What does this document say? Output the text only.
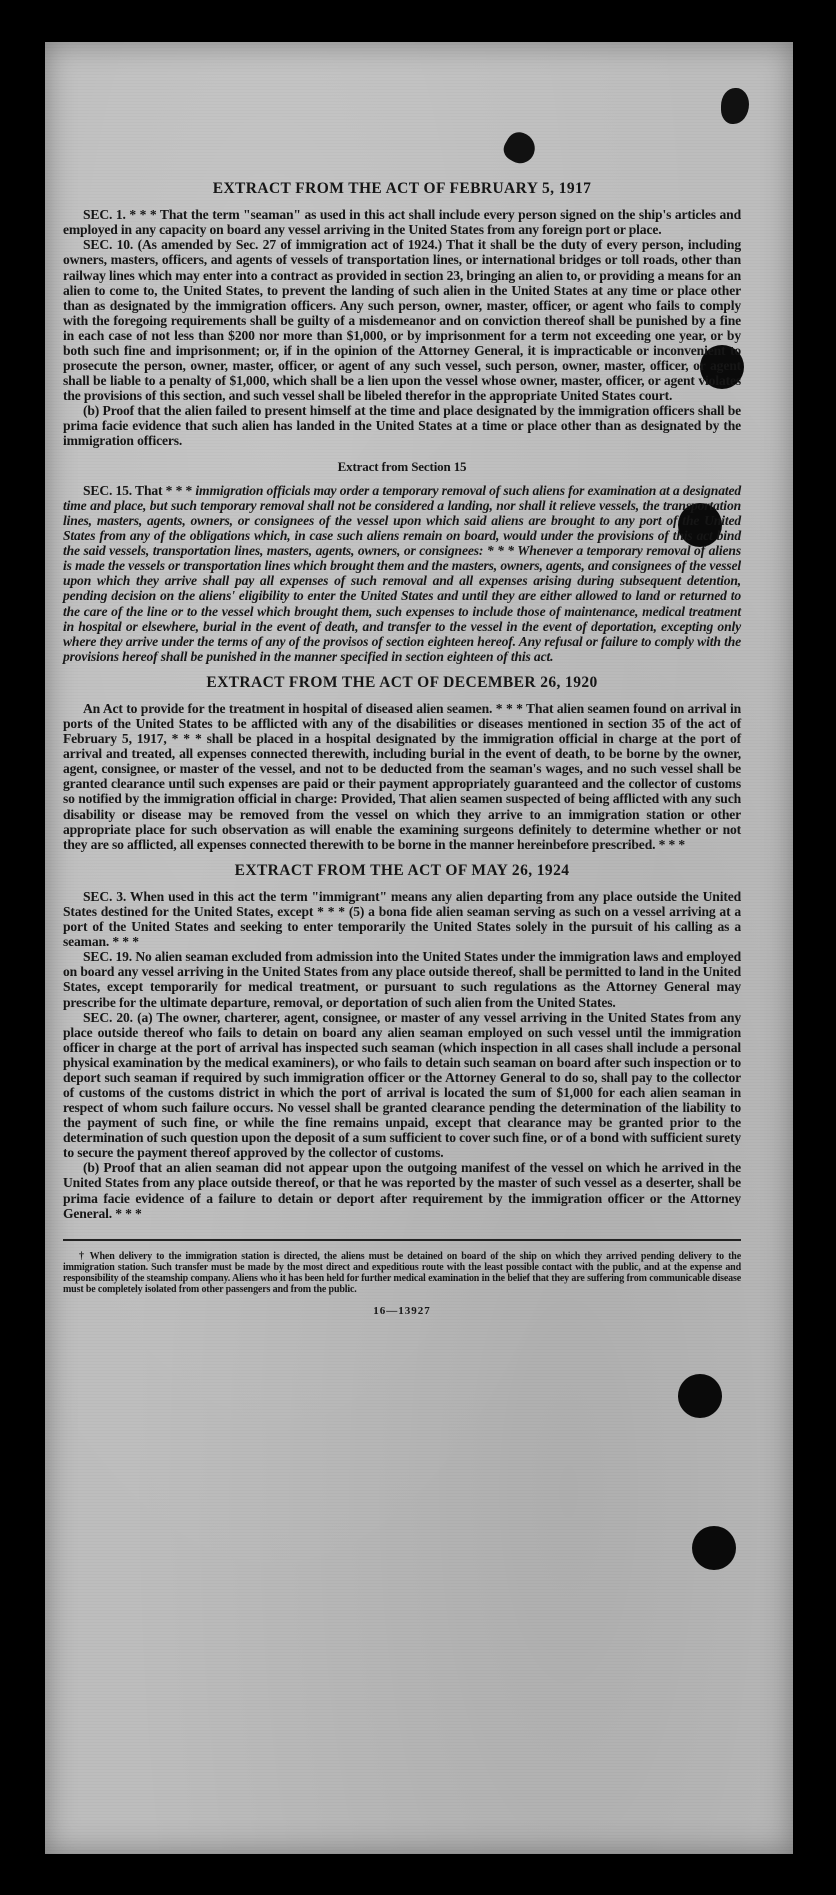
EXTRACT FROM THE ACT OF FEBRUARY 5, 1917

SEC. 1. * * * That the term "seaman" as used in this act shall include every person signed on the ship's articles and employed in any capacity on board any vessel arriving in the United States from any foreign port or place.

SEC. 10. (As amended by Sec. 27 of immigration act of 1924.) That it shall be the duty of every person, including owners, masters, officers, and agents of vessels of transportation lines, or international bridges or toll roads, other than railway lines which may enter into a contract as provided in section 23, bringing an alien to, or providing a means for an alien to come to, the United States, to prevent the landing of such alien in the United States at any time or place other than as designated by the immigration officers. Any such person, owner, master, officer, or agent who fails to comply with the foregoing requirements shall be guilty of a misdemeanor and on conviction thereof shall be punished by a fine in each case of not less than $200 nor more than $1,000, or by imprisonment for a term not exceeding one year, or by both such fine and imprisonment; or, if in the opinion of the Attorney General, it is impracticable or inconvenient to prosecute the person, owner, master, officer, or agent of any such vessel, such person, owner, master, officer, or agent shall be liable to a penalty of $1,000, which shall be a lien upon the vessel whose owner, master, officer, or agent violates the provisions of this section, and such vessel shall be libeled therefor in the appropriate United States court.

(b) Proof that the alien failed to present himself at the time and place designated by the immigration officers shall be prima facie evidence that such alien has landed in the United States at a time or place other than as designated by the immigration officers.

Extract from Section 15

SEC. 15. That * * * immigration officials may order a temporary removal of such aliens for examination at a designated time and place, but such temporary removal shall not be considered a landing, nor shall it relieve vessels, the transportation lines, masters, agents, owners, or consignees of the vessel upon which said aliens are brought to any port of the United States from any of the obligations which, in case such aliens remain on board, would under the provisions of this act bind the said vessels, transportation lines, masters, agents, owners, or consignees: * * * Whenever a temporary removal of aliens is made the vessels or transportation lines which brought them and the masters, owners, agents, and consignees of the vessel upon which they arrive shall pay all expenses of such removal and all expenses arising during subsequent detention, pending decision on the aliens' eligibility to enter the United States and until they are either allowed to land or returned to the care of the line or to the vessel which brought them, such expenses to include those of maintenance, medical treatment in hospital or elsewhere, burial in the event of death, and transfer to the vessel in the event of deportation, excepting only where they arrive under the terms of any of the provisos of section eighteen hereof. Any refusal or failure to comply with the provisions hereof shall be punished in the manner specified in section eighteen of this act.

EXTRACT FROM THE ACT OF DECEMBER 26, 1920

An Act to provide for the treatment in hospital of diseased alien seamen. * * * That alien seamen found on arrival in ports of the United States to be afflicted with any of the disabilities or diseases mentioned in section 35 of the act of February 5, 1917, * * * shall be placed in a hospital designated by the immigration official in charge at the port of arrival and treated, all expenses connected therewith, including burial in the event of death, to be borne by the owner, agent, consignee, or master of the vessel, and not to be deducted from the seaman's wages, and no such vessel shall be granted clearance until such expenses are paid or their payment appropriately guaranteed and the collector of customs so notified by the immigration official in charge: Provided, That alien seamen suspected of being afflicted with any such disability or disease may be removed from the vessel on which they arrive to an immigration station or other appropriate place for such observation as will enable the examining surgeons definitely to determine whether or not they are so afflicted, all expenses connected therewith to be borne in the manner hereinbefore prescribed. * * *

EXTRACT FROM THE ACT OF MAY 26, 1924

SEC. 3. When used in this act the term "immigrant" means any alien departing from any place outside the United States destined for the United States, except * * * (5) a bona fide alien seaman serving as such on a vessel arriving at a port of the United States and seeking to enter temporarily the United States solely in the pursuit of his calling as a seaman. * * *

SEC. 19. No alien seaman excluded from admission into the United States under the immigration laws and employed on board any vessel arriving in the United States from any place outside thereof, shall be permitted to land in the United States, except temporarily for medical treatment, or pursuant to such regulations as the Attorney General may prescribe for the ultimate departure, removal, or deportation of such alien from the United States.

SEC. 20. (a) The owner, charterer, agent, consignee, or master of any vessel arriving in the United States from any place outside thereof who fails to detain on board any alien seaman employed on such vessel until the immigration officer in charge at the port of arrival has inspected such seaman (which inspection in all cases shall include a personal physical examination by the medical examiners), or who fails to detain such seaman on board after such inspection or to deport such seaman if required by such immigration officer or the Attorney General to do so, shall pay to the collector of customs of the customs district in which the port of arrival is located the sum of $1,000 for each alien seaman in respect of whom such failure occurs. No vessel shall be granted clearance pending the determination of the liability to the payment of such fine, or while the fine remains unpaid, except that clearance may be granted prior to the determination of such question upon the deposit of a sum sufficient to cover such fine, or of a bond with sufficient surety to secure the payment thereof approved by the collector of customs.

(b) Proof that an alien seaman did not appear upon the outgoing manifest of the vessel on which he arrived in the United States from any place outside thereof, or that he was reported by the master of such vessel as a deserter, shall be prima facie evidence of a failure to detain or deport after requirement by the immigration officer or the Attorney General. * * *

† When delivery to the immigration station is directed, the aliens must be detained on board of the ship on which they arrived pending delivery to the immigration station. Such transfer must be made by the most direct and expeditious route with the least possible contact with the public, and at the expense and responsibility of the steamship company. Aliens who it has been held for further medical examination in the belief that they are suffering from communicable disease must be completely isolated from other passengers and from the public.

16—13927
